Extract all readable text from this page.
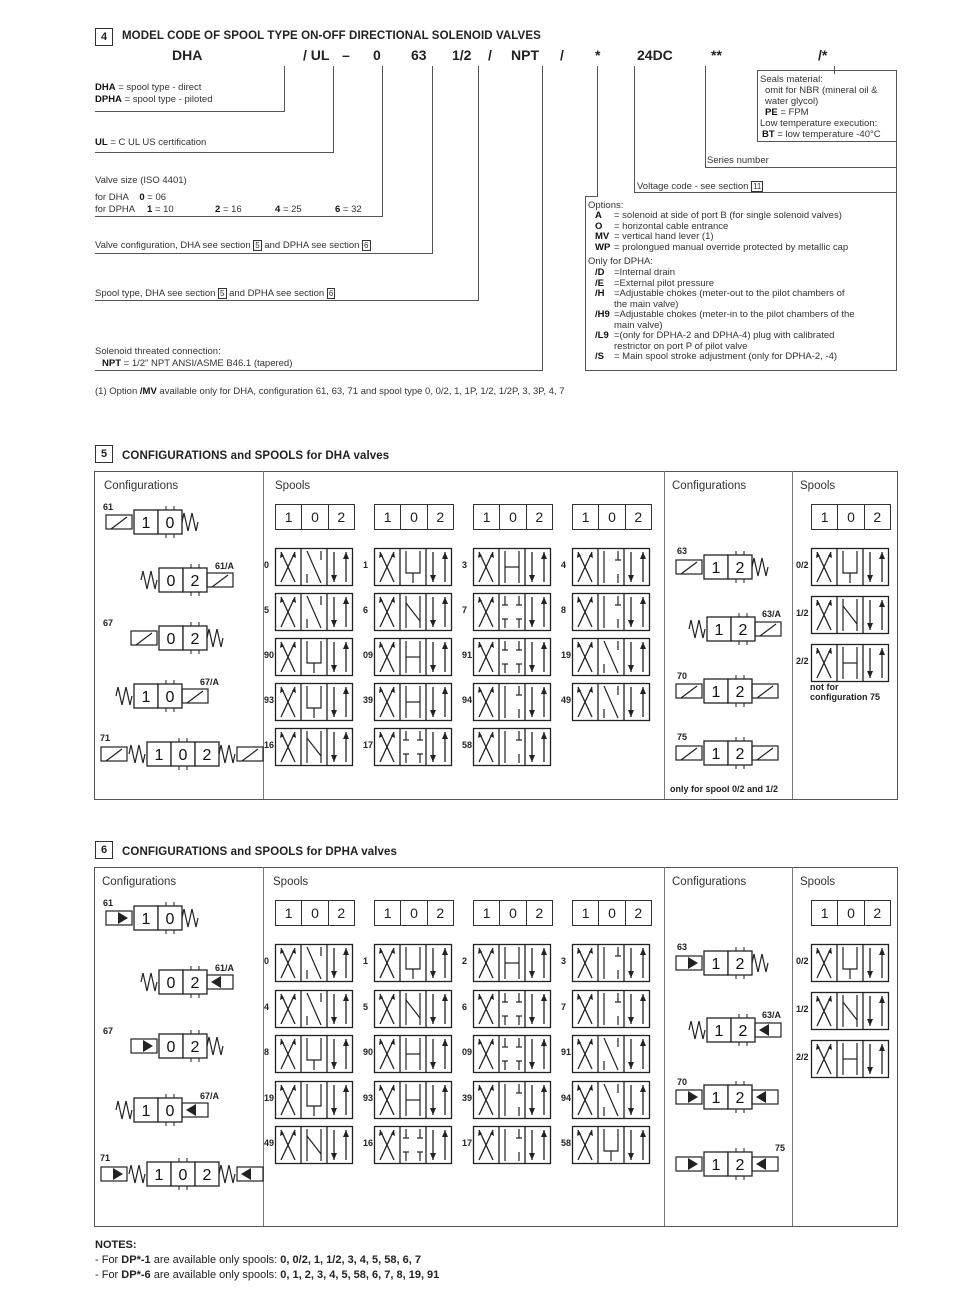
4	MODEL CODE OF SPOOL TYPE ON-OFF DIRECTIONAL SOLENOID VALVES
DHA	/ UL – 0 63 1/2 / NPT / *	24DC	**	/*
DHA = spool type - direct
DPHA = spool type - piloted
UL = C UL US certification
Valve size (ISO 4401)
for DHA 0 = 06
for DPHA 1 = 10	2 = 16	4 = 25	6 = 32
Valve configuration, DHA see section 5 and DPHA see section 6
Spool type, DHA see section 5 and DPHA see section 6
Solenoid threated connection:
NPT = 1/2" NPT ANSI/ASME B46.1 (tapered)
Seals material:
omit for NBR (mineral oil &
water glycol)
PE = FPM
Low temperature execution:
BT = low temperature -40°C
Series number
Voltage code - see section 11
Options:
A = solenoid at side of port B (for single solenoid valves)
O = horizontal cable entrance
MV = vertical hand lever (1)
WP = prolongued manual override protected by metallic cap
Only for DPHA:
/D =Internal drain
/E =External pilot pressure
/H =Adjustable chokes (meter-out to the pilot chambers of
the main valve)
/H9 =Adjustable chokes (meter-in to the pilot chambers of the
main valve)
/L9 =(only for DPHA-2 and DPHA-4) plug with calibrated
restrictor on port P of pilot valve
/S = Main spool stroke adjustment (only for DPHA-2, -4)
(1) Option /MV available only for DHA, configuration 61, 63, 71 and spool type 0, 0/2, 1, 1P, 1/2, 1/2P, 3, 3P, 4, 7
5	CONFIGURATIONS and SPOOLS for DHA valves
Configurations	Spools	Configurations	Spools
1	0	2	1	0	2	1	0	2	1	0	2	1	0	2
0	1	3	4
5	6	7	8
90	09	91	19
93	39	94	49
16	17	58
0/2
1/2
2/2
1 0
61
0 2
61/A
0 2
67
1 0
67/A
1 0 2
71
1 2
63
1 2
63/A
1 2
70
1 2
75
not for
configuration 75
only for spool 0/2 and 1/2
6	CONFIGURATIONS and SPOOLS for DPHA valves
Configurations	Spools	Configurations	Spools
1	0	2	1	0	2	1	0	2	1	0	2	1	0	2
0	1	2	3
4	5	6	7
8	90	09	91
19	93	39	94
49	16	17	58
0/2
1/2
2/2
1 0
61
0 2
61/A
0 2
67
1 0
67/A
1 0 2
71
1 2
63
1 2
63/A
1 2
70
1 2
75
NOTES:
- For DP*-1 are available only spools: 0, 0/2, 1, 1/2, 3, 4, 5, 58, 6, 7
- For DP*-6 are available only spools: 0, 1, 2, 3, 4, 5, 58, 6, 7, 8, 19, 91
